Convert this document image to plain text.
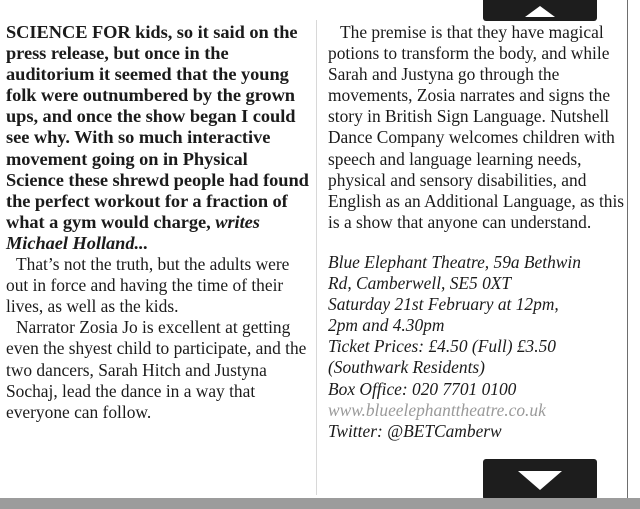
SCIENCE FOR kids, so it said on the press release, but once in the auditorium it seemed that the young folk were outnumbered by the grown ups, and once the show began I could see why. With so much interactive movement going on in Physical Science these shrewd people had found the perfect workout for a fraction of what a gym would charge, writes Michael Holland...

That’s not the truth, but the adults were out in force and having the time of their lives, as well as the kids.

Narrator Zosia Jo is excellent at getting even the shyest child to participate, and the two dancers, Sarah Hitch and Justyna Sochaj, lead the dance in a way that everyone can follow.

The premise is that they have magical potions to transform the body, and while Sarah and Justyna go through the movements, Zosia narrates and signs the story in British Sign Language. Nutshell Dance Company welcomes children with speech and language learning needs, physical and sensory disabilities, and English as an Additional Language, as this is a show that anyone can understand.

Blue Elephant Theatre, 59a Bethwin
Rd, Camberwell, SE5 0XT
Saturday 21st February at 12pm,
2pm and 4.30pm
Ticket Prices: £4.50 (Full) £3.50
(Southwark Residents)
Box Office: 020 7701 0100
www.blueelephanttheatre.co.uk
Twitter: @BETCamberw
